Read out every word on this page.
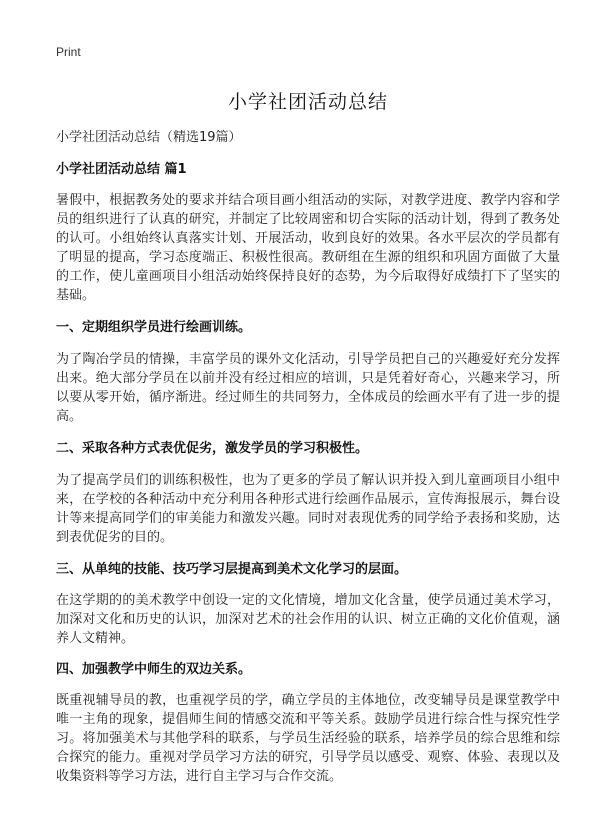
Print

小学社团活动总结

小学社团活动总结（精选19篇）

小学社团活动总结 篇1

暑假中，根据教务处的要求并结合项目画小组活动的实际，对教学进度、教学内容和学员的组织进行了认真的研究，并制定了比较周密和切合实际的活动计划，得到了教务处的认可。小组始终认真落实计划、开展活动，收到良好的效果。各水平层次的学员都有了明显的提高，学习态度端正、积极性很高。教研组在生源的组织和巩固方面做了大量的工作，使儿童画项目小组活动始终保持良好的态势，为今后取得好成绩打下了坚实的基础。

一、定期组织学员进行绘画训练。

为了陶冶学员的情操，丰富学员的课外文化活动，引导学员把自己的兴趣爱好充分发挥出来。绝大部分学员在以前并没有经过相应的培训，只是凭着好奇心，兴趣来学习，所以要从零开始，循序渐进。经过师生的共同努力，全体成员的绘画水平有了进一步的提高。

二、采取各种方式表优促劣，激发学员的学习积极性。

为了提高学员们的训练积极性，也为了更多的学员了解认识并投入到儿童画项目小组中来，在学校的各种活动中充分利用各种形式进行绘画作品展示，宣传海报展示，舞台设计等来提高同学们的审美能力和激发兴趣。同时对表现优秀的同学给予表扬和奖励，达到表优促劣的目的。

三、从单纯的技能、技巧学习层提高到美术文化学习的层面。

在这学期的的美术教学中创设一定的文化情境，增加文化含量，使学员通过美术学习，加深对文化和历史的认识，加深对艺术的社会作用的认识、树立正确的文化价值观，涵养人文精神。

四、加强教学中师生的双边关系。

既重视辅导员的教，也重视学员的学，确立学员的主体地位，改变辅导员是课堂教学中唯一主角的现象，提倡师生间的情感交流和平等关系。鼓励学员进行综合性与探究性学习。将加强美术与其他学科的联系，与学员生活经验的联系，培养学员的综合思维和综合探究的能力。重视对学员学习方法的研究，引导学员以感受、观察、体验、表现以及收集资料等学习方法，进行自主学习与合作交流。
